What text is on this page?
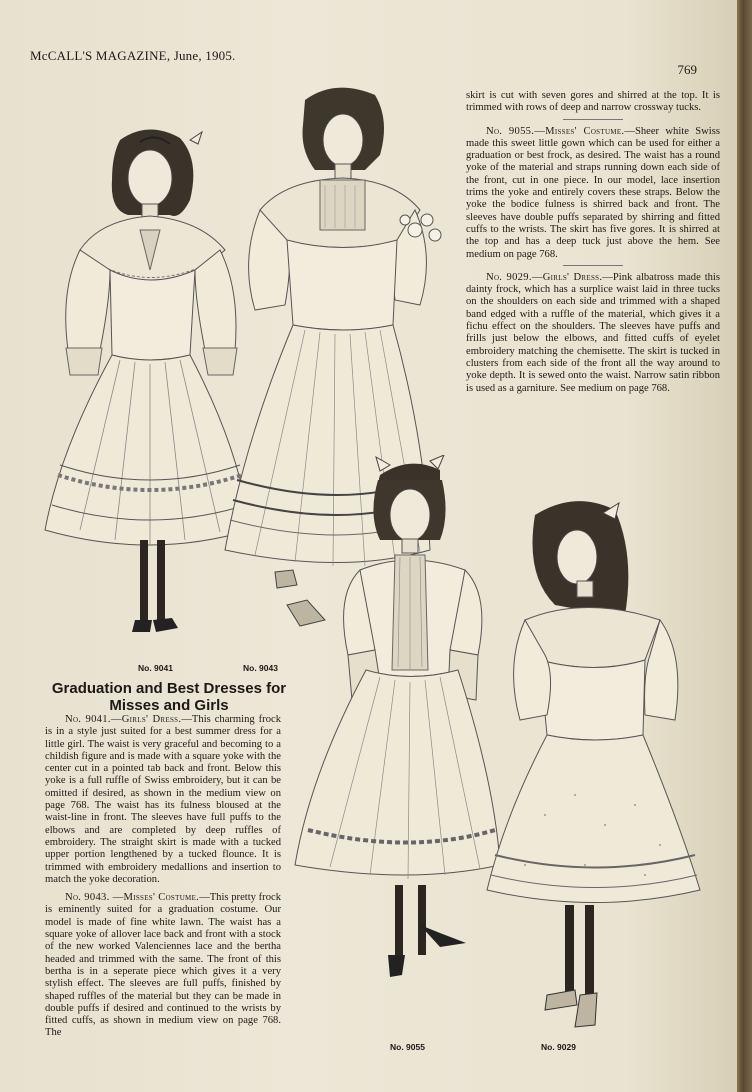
McCALL'S MAGAZINE, June, 1905.
769
No. 9041	No. 9043
Graduation and Best Dresses for Misses and Girls

No. 9041.—Girls' Dress.—This charming frock is in a style just suited for a best summer dress for a little girl. The waist is very graceful and becoming to a childish figure and is made with a square yoke with the center cut in a pointed tab back and front. Below this yoke is a full ruffle of Swiss embroidery, but it can be omitted if desired, as shown in the medium view on page 768. The waist has its fulness bloused at the waist-line in front. The sleeves have full puffs to the elbows and are completed by deep ruffles of embroidery. The straight skirt is made with a tucked upper portion lengthened by a tucked flounce. It is trimmed with embroidery medallions and insertion to match the yoke decoration.

No. 9043. —Misses' Costume.—This pretty frock is eminently suited for a graduation costume. Our model is made of fine white lawn. The waist has a square yoke of allover lace back and front with a stock of the new worked Valenciennes lace and the bertha headed and trimmed with the same. The front of this bertha is in a seperate piece which gives it a very stylish effect. The sleeves are full puffs, finished by shaped ruffles of the material but they can be made in double puffs if desired and continued to the wrists by fitted cuffs, as shown in medium view on page 768. The

skirt is cut with seven gores and shirred at the top. It is trimmed with rows of deep and narrow crossway tucks.

No. 9055.—Misses' Costume.—Sheer white Swiss made this sweet little gown which can be used for either a graduation or best frock, as desired. The waist has a round yoke of the material and straps running down each side of the front, cut in one piece. In our model, lace insertion trims the yoke and entirely covers these straps. Below the yoke the bodice fulness is shirred back and front. The sleeves have double puffs separated by shirring and fitted cuffs to the wrists. The skirt has five gores. It is shirred at the top and has a deep tuck just above the hem. See medium on page 768.

No. 9029.—Girls' Dress.—Pink albatross made this dainty frock, which has a surplice waist laid in three tucks on the shoulders on each side and trimmed with a shaped band edged with a ruffle of the material, which gives it a fichu effect on the shoulders. The sleeves have puffs and frills just below the elbows, and fitted cuffs of eyelet embroidery matching the chemisette. The skirt is tucked in clusters from each side of the front all the way around to yoke depth. It is sewed onto the waist. Narrow satin ribbon is used as a garniture. See medium on page 768.

No. 9055	No. 9029
